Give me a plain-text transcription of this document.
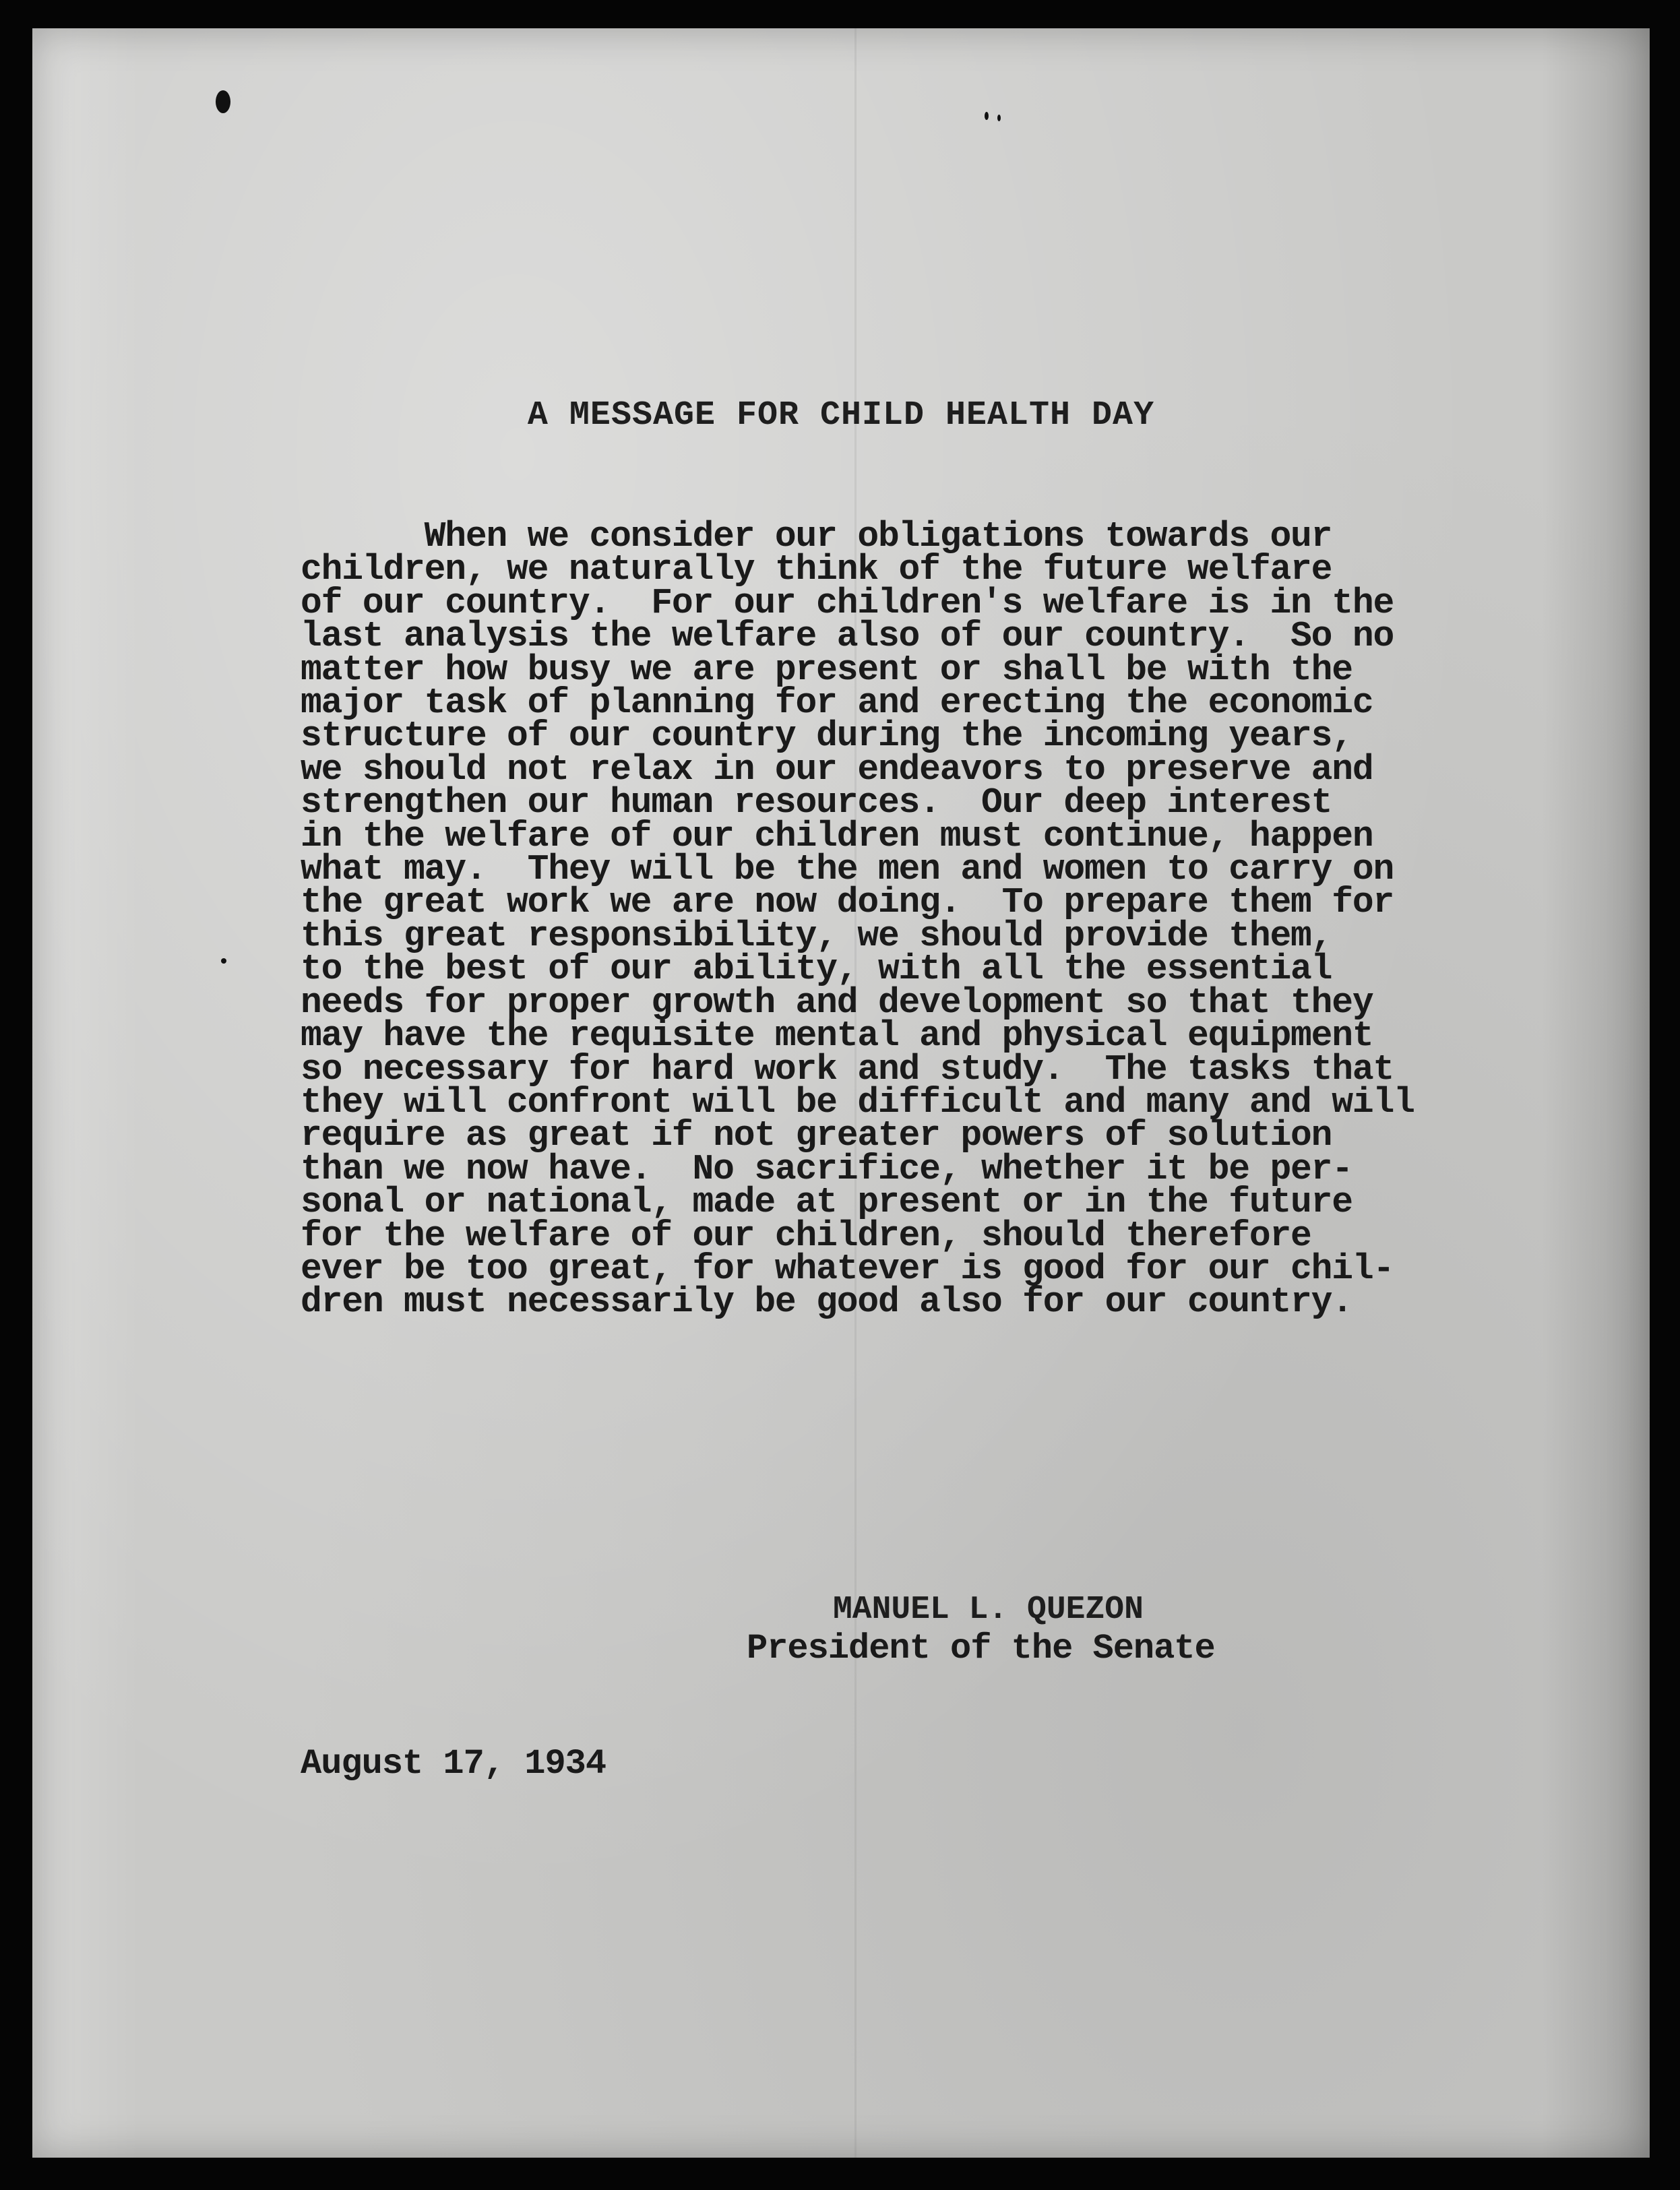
A MESSAGE FOR CHILD HEALTH DAY
When we consider our obligations towards our
children, we naturally think of the future welfare
of our country.  For our children's welfare is in the
last analysis the welfare also of our country.  So no
matter how busy we are present or shall be with the
major task of planning for and erecting the economic
structure of our country during the incoming years,
we should not relax in our endeavors to preserve and
strengthen our human resources.  Our deep interest
in the welfare of our children must continue, happen
what may.  They will be the men and women to carry on
the great work we are now doing.  To prepare them for
this great responsibility, we should provide them,
to the best of our ability, with all the essential
needs for proper growth and development so that they
may have the requisite mental and physical equipment
so necessary for hard work and study.  The tasks that
they will confront will be difficult and many and will
require as great if not greater powers of solution
than we now have.  No sacrifice, whether it be per-
sonal or national, made at present or in the future
for the welfare of our children, should therefore
ever be too great, for whatever is good for our chil-
dren must necessarily be good also for our country.
MANUEL L. QUEZON
President of the Senate
August 17, 1934
